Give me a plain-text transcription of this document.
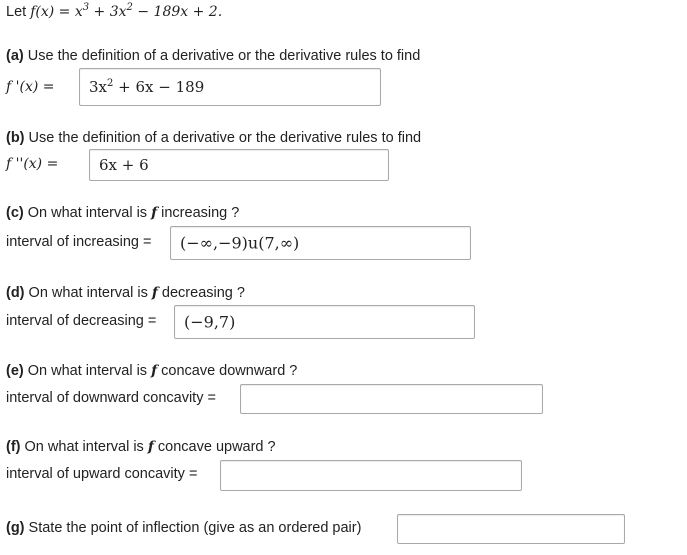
Let $f(x) = x^3 + 3x^2 - 189x + 2$.
(a) Use the definition of a derivative or the derivative rules to find
f '$(x) = 3x^2 + 6x - 189$
(b) Use the definition of a derivative or the derivative rules to find
f ''(x) =	6x + 6
(c) On what interval is f increasing ?
interval of increasing = (−∞,−9)u(7,∞)
(d) On what interval is f decreasing ?
interval of decreasing = (−9,7)
(e) On what interval is f concave downward ?
interval of downward concavity =
(f) On what interval is f concave upward ?
interval of upward concavity =
(g) State the point of inflection (give as an ordered pair)
